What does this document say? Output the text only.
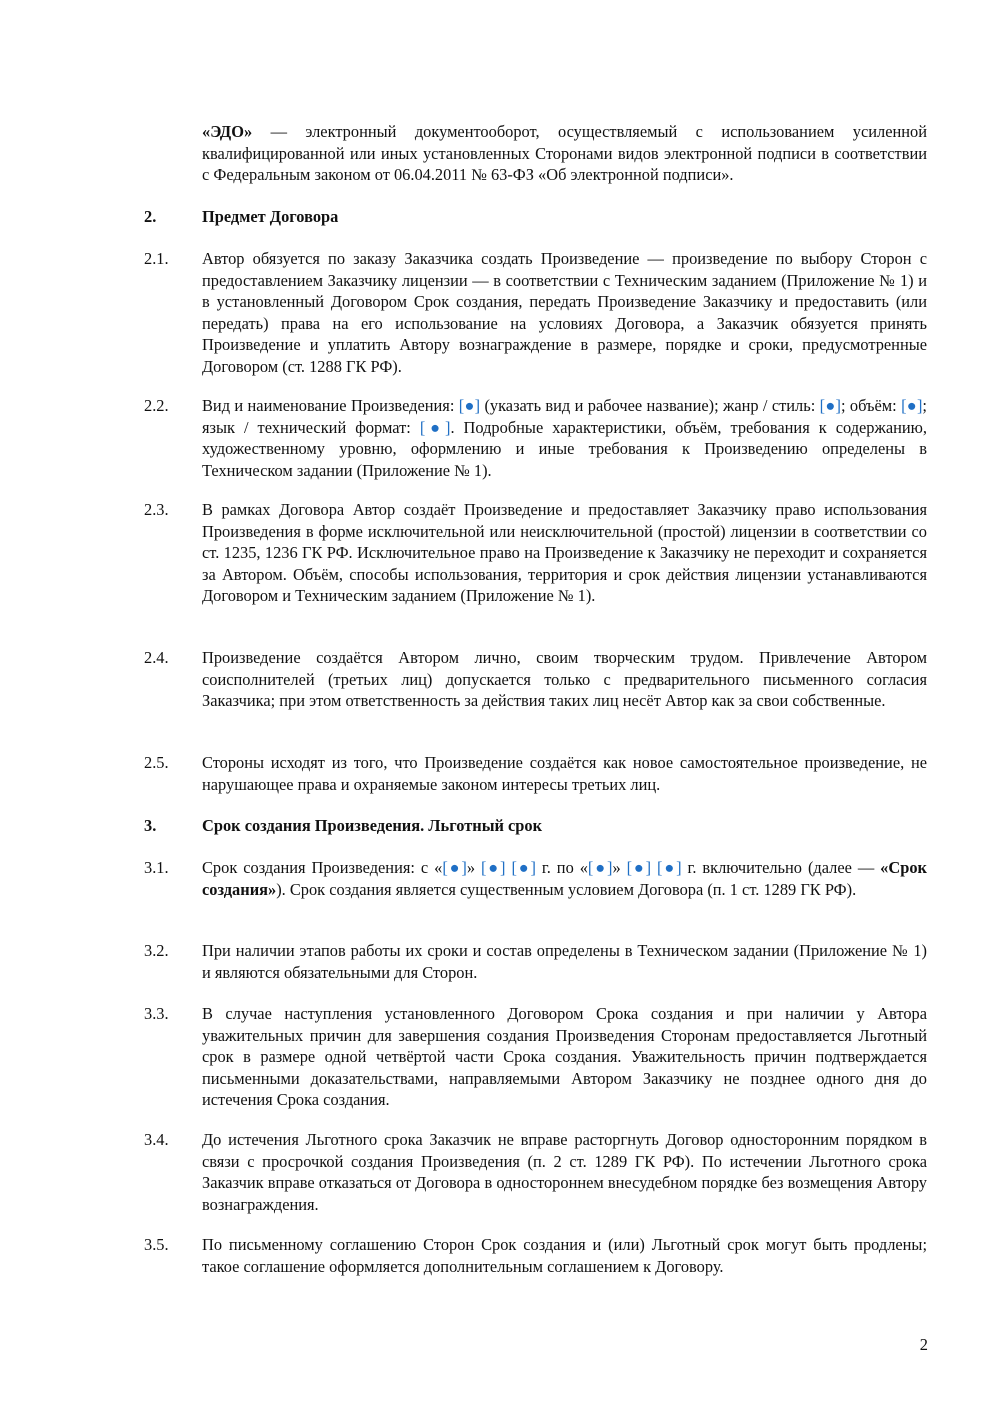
«ЭДО» — электронный документооборот, осуществляемый с использованием усиленной квалифицированной или иных установленных Сторонами видов электронной подписи в соответствии с Федеральным законом от 06.04.2011 № 63-ФЗ «Об электронной подписи».
2.	Предмет Договора
2.1. Автор обязуется по заказу Заказчика создать Произведение — произведение по выбору Сторон с предоставлением Заказчику лицензии — в соответствии с Техническим заданием (Приложение № 1) и в установленный Договором Срок создания, передать Произведение Заказчику и предоставить (или передать) права на его использование на условиях Договора, а Заказчик обязуется принять Произведение и уплатить Автору вознаграждение в размере, порядке и сроки, предусмотренные Договором (ст. 1288 ГК РФ).
2.2. Вид и наименование Произведения: [●] (указать вид и рабочее название); жанр / стиль: [●]; объём: [●]; язык / технический формат: [●]. Подробные характеристики, объём, требования к содержанию, художественному уровню, оформлению и иные требования к Произведению определены в Техническом задании (Приложение № 1).
2.3. В рамках Договора Автор создаёт Произведение и предоставляет Заказчику право использования Произведения в форме исключительной или неисключительной (простой) лицензии в соответствии со ст. 1235, 1236 ГК РФ. Исключительное право на Произведение к Заказчику не переходит и сохраняется за Автором. Объём, способы использования, территория и срок действия лицензии устанавливаются Договором и Техническим заданием (Приложение № 1).
2.4. Произведение создаётся Автором лично, своим творческим трудом. Привлечение Автором соисполнителей (третьих лиц) допускается только с предварительного письменного согласия Заказчика; при этом ответственность за действия таких лиц несёт Автор как за свои собственные.
2.5. Стороны исходят из того, что Произведение создаётся как новое самостоятельное произведение, не нарушающее права и охраняемые законом интересы третьих лиц.
3.	Срок создания Произведения. Льготный срок
3.1. Срок создания Произведения: с «[●]» [●] [●] г. по «[●]» [●] [●] г. включительно (далее — «Срок создания»). Срок создания является существенным условием Договора (п. 1 ст. 1289 ГК РФ).
3.2. При наличии этапов работы их сроки и состав определены в Техническом задании (Приложение № 1) и являются обязательными для Сторон.
3.3. В случае наступления установленного Договором Срока создания и при наличии у Автора уважительных причин для завершения создания Произведения Сторонам предоставляется Льготный срок в размере одной четвёртой части Срока создания. Уважительность причин подтверждается письменными доказательствами, направляемыми Автором Заказчику не позднее одного дня до истечения Срока создания.
3.4. До истечения Льготного срока Заказчик не вправе расторгнуть Договор односторонним порядком в связи с просрочкой создания Произведения (п. 2 ст. 1289 ГК РФ). По истечении Льготного срока Заказчик вправе отказаться от Договора в одностороннем внесудебном порядке без возмещения Автору вознаграждения.
3.5. По письменному соглашению Сторон Срок создания и (или) Льготный срок могут быть продлены; такое соглашение оформляется дополнительным соглашением к Договору.
2
